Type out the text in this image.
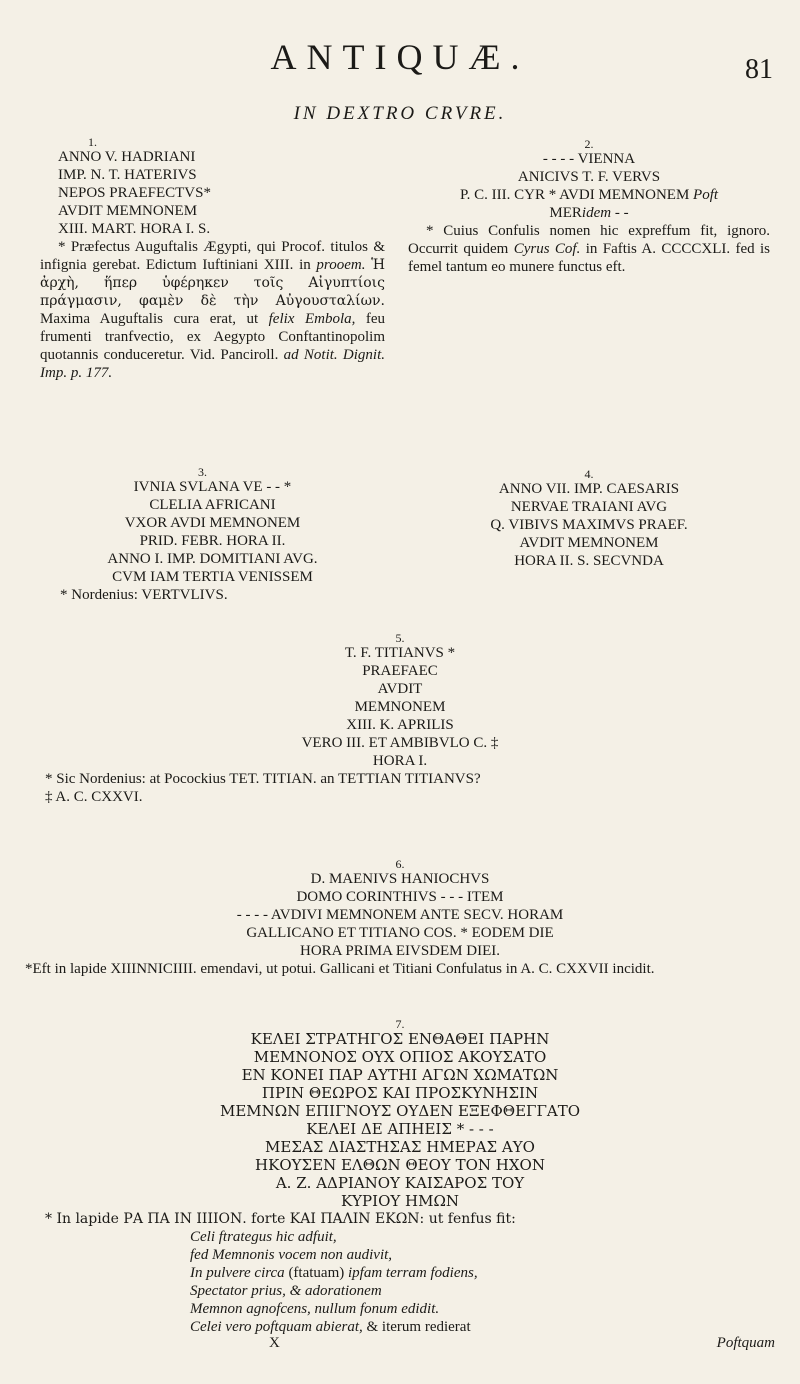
ANTIQUÆ.	81
IN DEXTRO CRVRE.
1.
ANNO V. HADRIANI
IMP. N. T. HATERIVS
NEPOS PRAEFECTVS*
AVDIT MEMNONEM
XIII. MART. HORA I. S.
* Præfectus Auguftalis Ægypti, qui Procof. titulos & infignia gerebat. Edictum Iuftiniani XIII. in prooem. Ἡ ἀρχὴ, ἥπερ ὑφέρηκεν τοῖς Αἰγυπτίοις πράγμασιν, φαμὲν δὲ τὴν Αὐγουσταλίων. Maxima Auguftalis cura erat, ut felix Embola, feu frumenti tranfvectio, ex Aegypto Conftantinopolim quotannis conduceretur. Vid. Panciroll. ad Notit. Dignit. Imp. p. 177.
2.
- - - - VIENNA
ANICIVS T. F. VERVS
P. C. III. CYR * AVDI MEMNONEM Poft
MERidem - -
* Cuius Confulis nomen hic expreffum fit, ignoro. Occurrit quidem Cyrus Cof. in Faftis A. CCCCXLI. fed is femel tantum eo munere functus eft.
3.
IVNIA SVLANA VE - - *
CLELIA AFRICANI
VXOR AVDI MEMNONEM
PRID. FEBR. HORA II.
ANNO I. IMP. DOMITIANI AVG.
CVM IAM TERTIA VENISSEM
* Nordenius: VERTVLIVS.
4.
ANNO VII. IMP. CAESARIS
NERVAE TRAIANI AVG
Q. VIBIVS MAXIMVS PRAEF.
AVDIT MEMNONEM
HORA II. S. SECVNDA
5.
T. F. TITIANVS *
PRAEFAEC
AVDIT
MEMNONEM
XIII. K. APRILIS
VERO III. ET AMBIBVLO C. ‡
HORA I.
* Sic Nordenius: at Pocockius TET. TITIAN. an TETTIAN TITIANVS?
‡ A. C. CXXVI.
6.
D. MAENIVS HANIOCHVS
DOMO CORINTHIVS - - - ITEM
- - - - AVDIVI MEMNONEM ANTE SECV. HORAM
GALLICANO ET TITIANO COS. * EODEM DIE
HORA PRIMA EIVSDEM DIEI.
*Eft in lapide XIIINNICIIII. emendavi, ut potui. Gallicani et Titiani Confulatus in A. C. CXXVII incidit.
7.
ΚΕΛΕΙ ΣΤΡΑΤΗΓΟΣ ΕΝΘΑΘΕΙ ΠΑΡΗΝ
ΜΕΜΝΟΝΟΣ ΟΥΧ ΟΠΙΟΣ ΑΚΟΥΣΑΤΟ
ΕΝ ΚΟΝΕΙ ΠΑΡ ΑΥΤΗΙ ΑΓΩΝ ΧΩΜΑΤΩΝ
ΠΡΙΝ ΘΕΩΡΟΣ ΚΑΙ ΠΡΟΣΚΥΝΗΣΙΝ
ΜΕΜΝΩΝ ΕΠΙΓΝΟΥΣ ΟΥΔΕΝ ΕΞΕΦΘΕΓΓΑΤΟ
ΚΕΛΕΙ ΔΕ ΑΠΗΕΙΣ * - - -
ΜΕΣΑΣ ΔΙΑΣΤΗΣΑΣ ΗΜΕΡΑΣ ΑΥΟ
ΗΚΟΥΣΕΝ ΕΛΘΩΝ ΘΕΟΥ ΤΟΝ ΗΧΟΝ
Α. Ζ. ΑΔΡΙΑΝΟΥ ΚΑΙΣΑΡΟΣ ΤΟΥ
ΚΥΡΙΟΥ ΗΜΩΝ
* In lapide ΡΑ ΠΑ IN ΙΙΙΙΟΝ. forte ΚΑΙ ΠΑΛΙΝ ΕΚΩΝ: ut fenfus fit:
Celi ftrategus hic adfuit,
fed Memnonis vocem non audivit,
In pulvere circa (ftatuam) ipfam terram fodiens,
Spectator prius, & adorationem
Memnon agnofcens, nullum fonum edidit.
Celei vero poftquam abierat, & iterum redierat
X	Poftquam
